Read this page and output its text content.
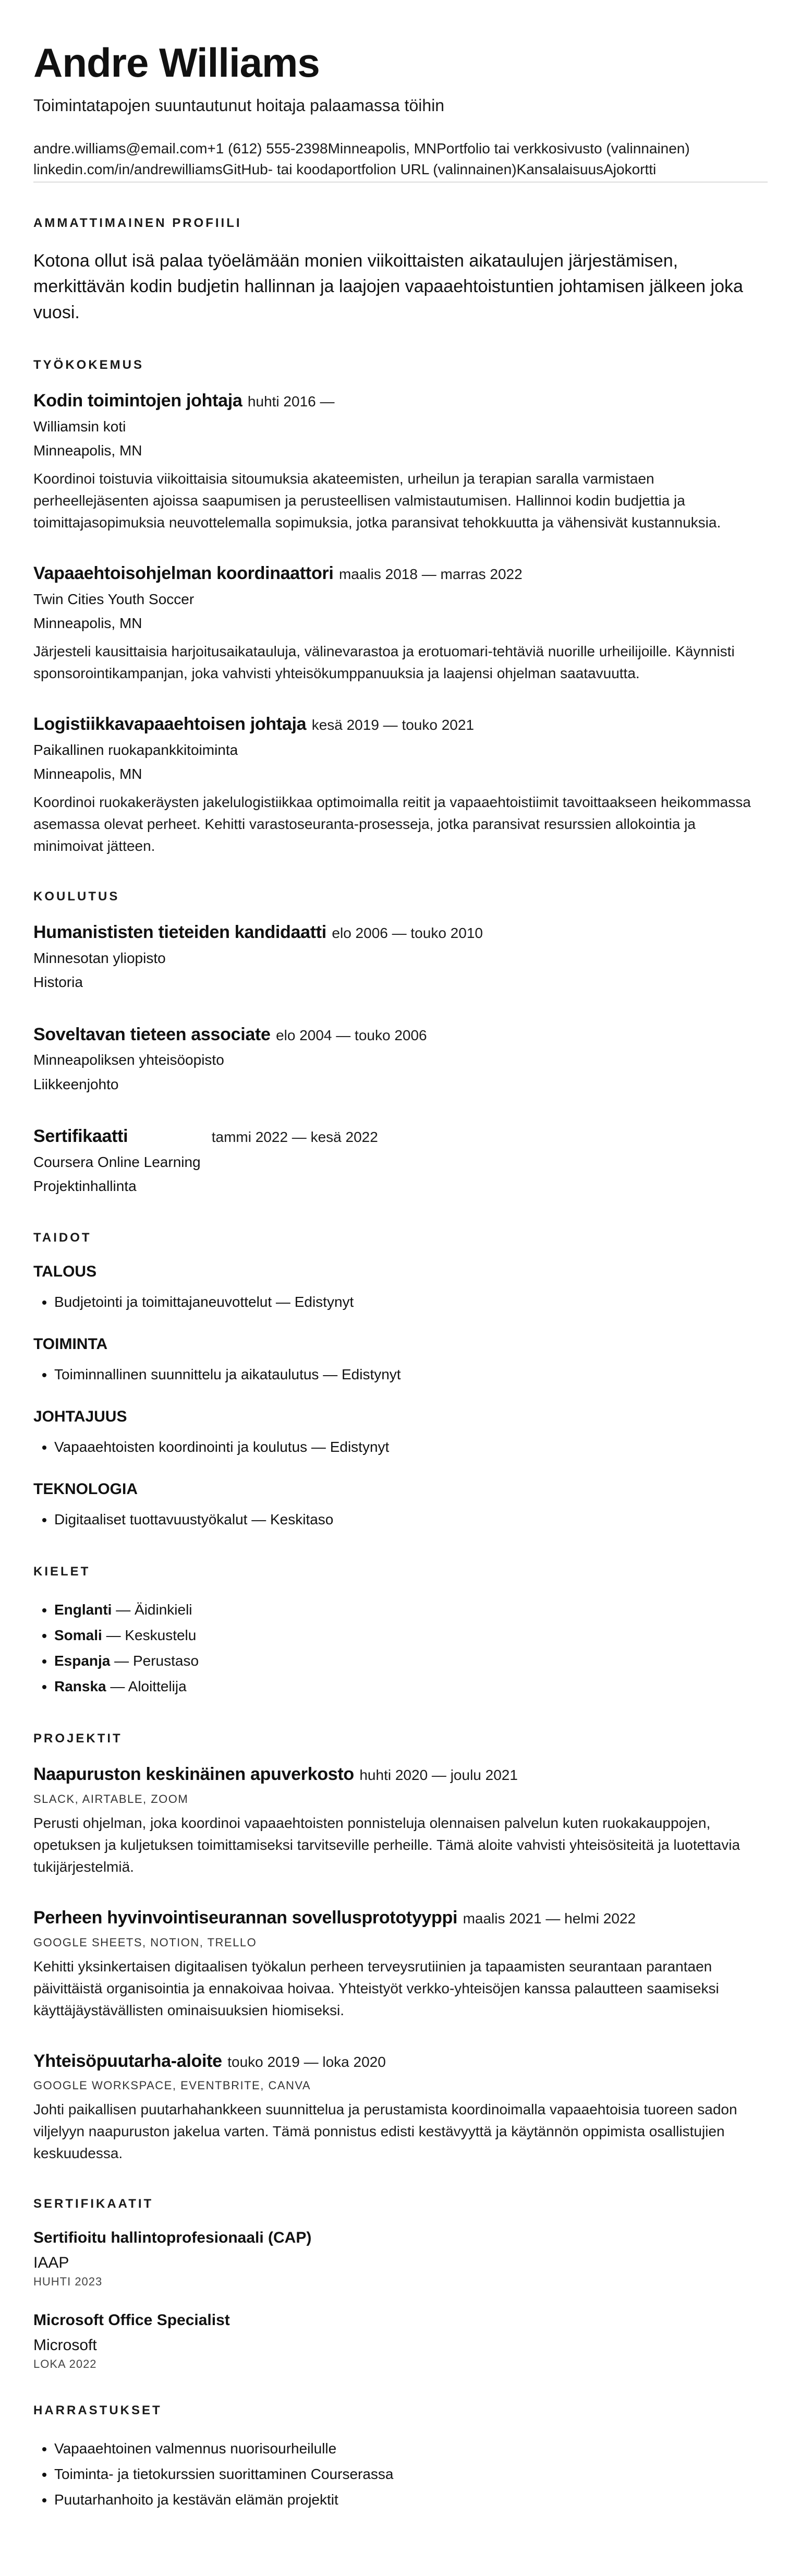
Andre Williams
Toimintatapojen suuntautunut hoitaja palaamassa töihin
andre.williams@email.com+1 (612) 555-2398Minneapolis, MNPortfolio tai verkkosivusto (valinnainen)
linkedin.com/in/andrewilliamsGitHub- tai koodaportfolion URL (valinnainen)KansalaisuusAjokortti
AMMATTIMAINEN PROFIILI

Kotona ollut isä palaa työelämään monien viikoittaisten aikataulujen järjestämisen, merkittävän kodin budjetin hallinnan ja laajojen vapaaehtoistuntien johtamisen jälkeen joka vuosi.

TYÖKOKEMUS
Kodin toimintojen johtaja huhti 2016 —
Williamsin koti
Minneapolis, MN

Koordinoi toistuvia viikoittaisia sitoumuksia akateemisten, urheilun ja terapian saralla varmistaen perheellejäsenten ajoissa saapumisen ja perusteellisen valmistautumisen. Hallinnoi kodin budjettia ja toimittajasopimuksia neuvottelemalla sopimuksia, jotka paransivat tehokkuutta ja vähensivät kustannuksia.

Vapaaehtoisohjelman koordinaattori maalis 2018 — marras 2022
Twin Cities Youth Soccer
Minneapolis, MN

Järjesteli kausittaisia harjoitusaikatauluja, välinevarastoa ja erotuomari-tehtäviä nuorille urheilijoille. Käynnisti sponsorointikampanjan, joka vahvisti yhteisökumppanuuksia ja laajensi ohjelman saatavuutta.

Logistiikkavapaaehtoisen johtaja kesä 2019 — touko 2021
Paikallinen ruokapankkitoiminta
Minneapolis, MN

Koordinoi ruokakeräysten jakelulogistiikkaa optimoimalla reitit ja vapaaehtoistiimit tavoittaakseen heikommassa asemassa olevat perheet. Kehitti varastoseuranta-prosesseja, jotka paransivat resurssien allokointia ja minimoivat jätteen.

KOULUTUS
Humanististen tieteiden kandidaatti elo 2006 — touko 2010
Minnesotan yliopisto
Historia
Soveltavan tieteen associate elo 2004 — touko 2006
Minneapoliksen yhteisöopisto
Liikkeenjohto
Sertifikaatti	tammi 2022 — kesä 2022
Coursera Online Learning
Projektinhallinta
TAIDOT
TALOUS
• Budjetointi ja toimittajaneuvottelut — Edistynyt
TOIMINTA
• Toiminnallinen suunnittelu ja aikataulutus — Edistynyt
JOHTAJUUS
• Vapaaehtoisten koordinointi ja koulutus — Edistynyt
TEKNOLOGIA
• Digitaaliset tuottavuustyökalut — Keskitaso
KIELET
• Englanti — Äidinkieli
• Somali — Keskustelu
• Espanja — Perustaso
• Ranska — Aloittelija
PROJEKTIT
Naapuruston keskinäinen apuverkosto huhti 2020 — joulu 2021
SLACK, AIRTABLE, ZOOM

Perusti ohjelman, joka koordinoi vapaaehtoisten ponnisteluja olennaisen palvelun kuten ruokakauppojen, opetuksen ja kuljetuksen toimittamiseksi tarvitseville perheille. Tämä aloite vahvisti yhteisösiteitä ja luotettavia tukijärjestelmiä.

Perheen hyvinvointiseurannan sovellusprototyyppi maalis 2021 — helmi 2022
GOOGLE SHEETS, NOTION, TRELLO

Kehitti yksinkertaisen digitaalisen työkalun perheen terveysrutiinien ja tapaamisten seurantaan parantaen päivittäistä organisointia ja ennakoivaa hoivaa. Yhteistyöt verkko-yhteisöjen kanssa palautteen saamiseksi käyttäjäystävällisten ominaisuuksien hiomiseksi.

Yhteisöpuutarha-aloite touko 2019 — loka 2020
GOOGLE WORKSPACE, EVENTBRITE, CANVA

Johti paikallisen puutarhahankkeen suunnittelua ja perustamista koordinoimalla vapaaehtoisia tuoreen sadon viljelyyn naapuruston jakelua varten. Tämä ponnistus edisti kestävyyttä ja käytännön oppimista osallistujien keskuudessa.

SERTIFIKAATIT
Sertifioitu hallintoprofesionaali (CAP)
IAAP
HUHTI 2023
Microsoft Office Specialist
Microsoft
LOKA 2022
HARRASTUKSET
• Vapaaehtoinen valmennus nuorisourheilulle
• Toiminta- ja tietokurssien suorittaminen Courserassa
• Puutarhanhoito ja kestävän elämän projektit
